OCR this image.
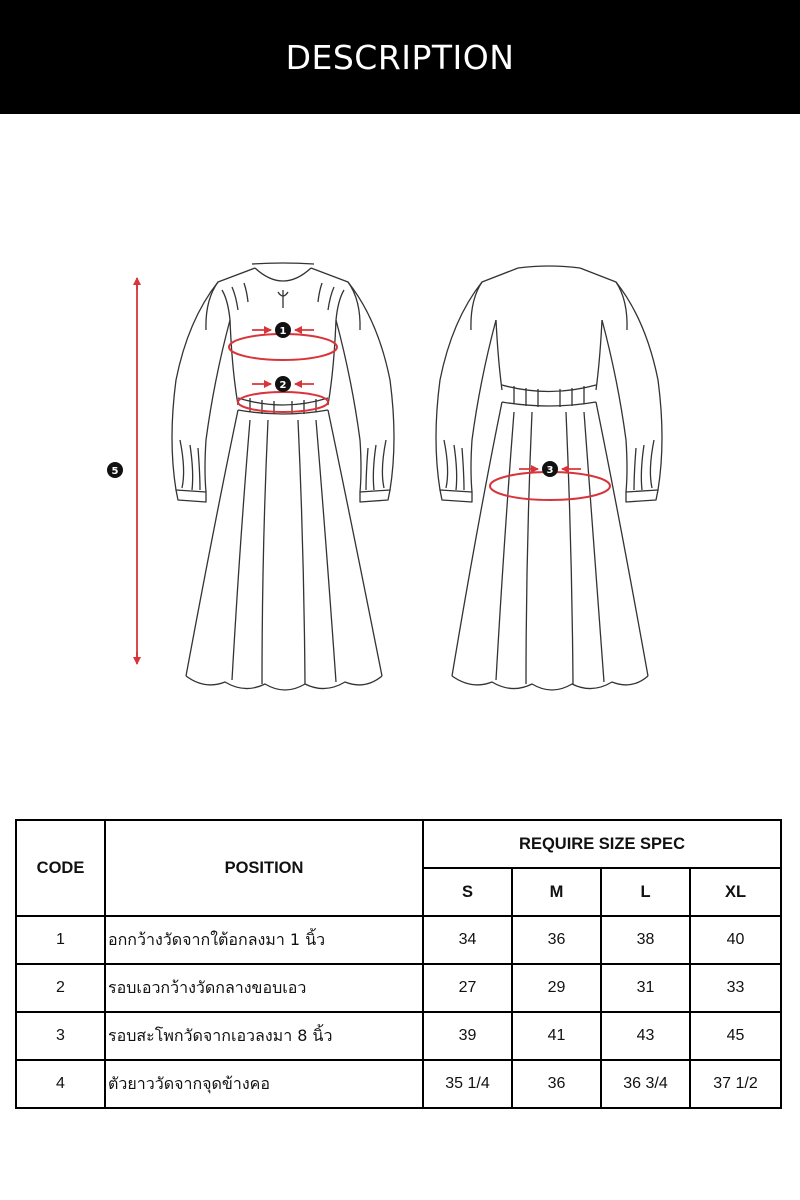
DESCRIPTION
1
2
5	3
CODE	POSITION	REQUIRE SIZE SPEC			
		S	M	L	XL
1	อกกว้างวัดจากใต้อกลงมา 1 นิ้ว	34	36	38	40
2	รอบเอวกว้างวัดกลางขอบเอว	27	29	31	33
3	รอบสะโพกวัดจากเอวลงมา 8 นิ้ว	39	41	43	45
4	ตัวยาววัดจากจุดข้างคอ	35 1/4	36	36 3/4	37 1/2
